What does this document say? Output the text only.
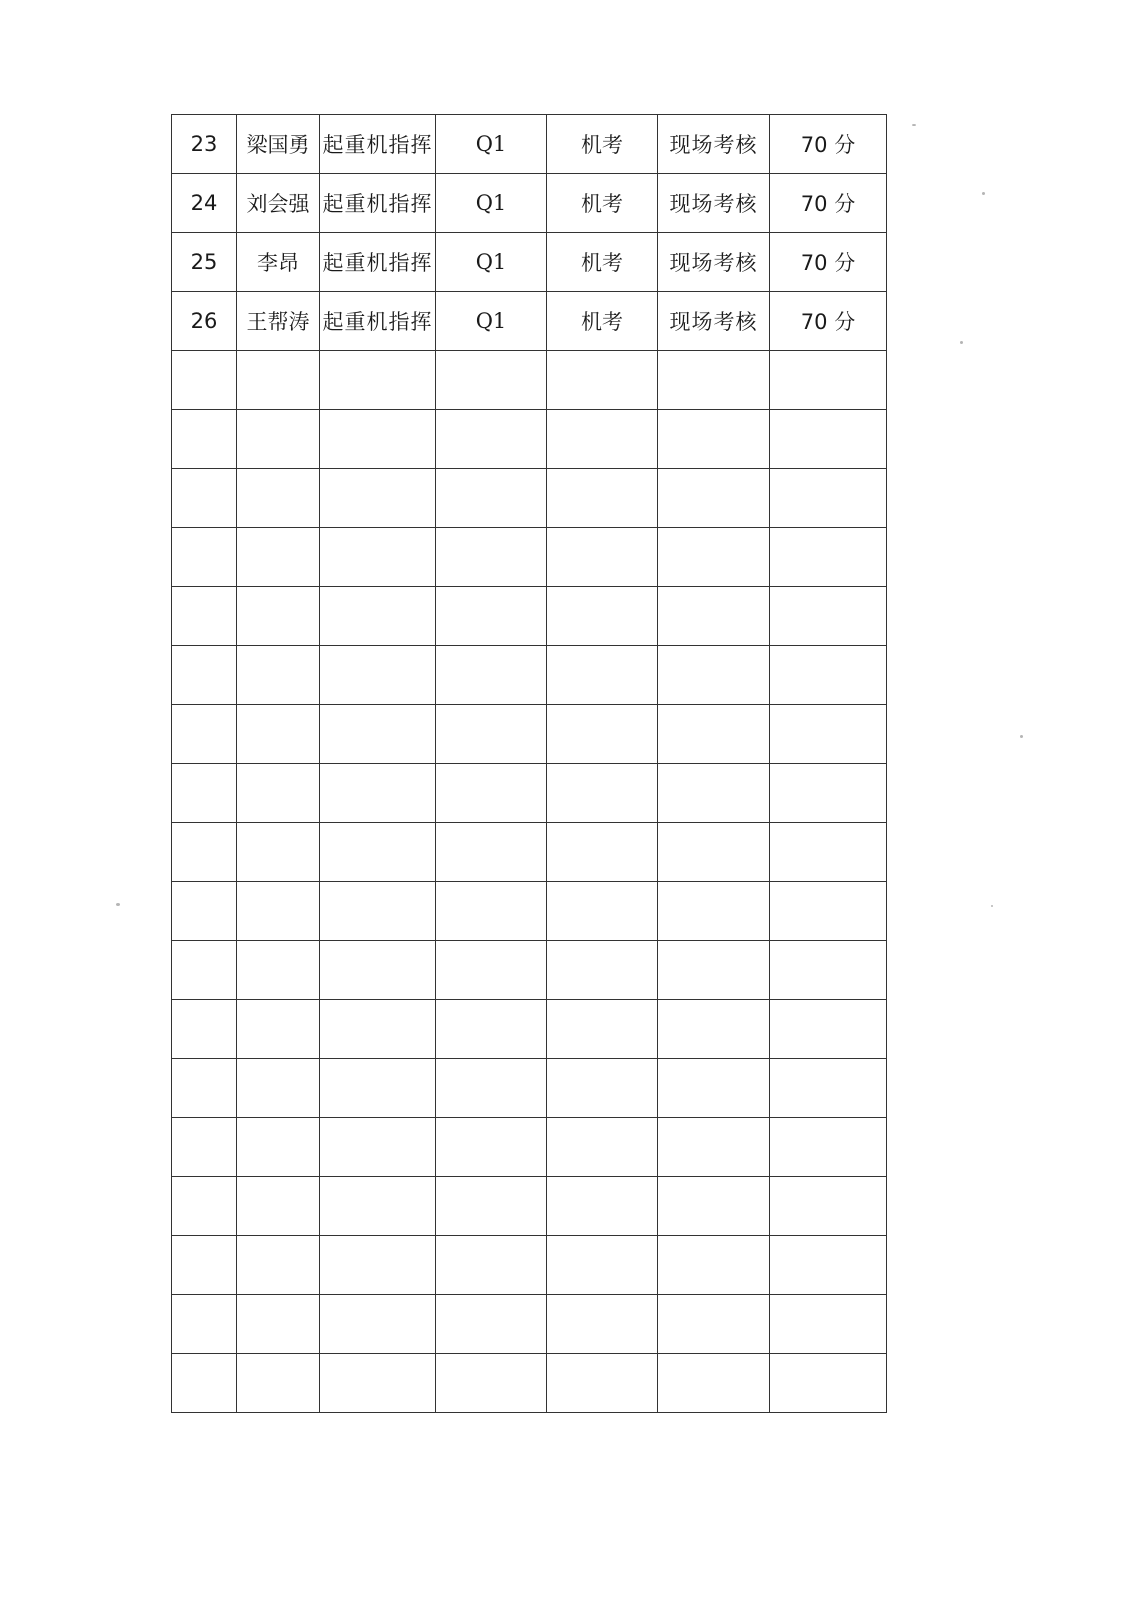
23	梁国勇	起重机指挥	Q1	机考	现场考核	70 分
24	刘会强	起重机指挥	Q1	机考	现场考核	70 分
25	李昂	起重机指挥	Q1	机考	现场考核	70 分
26	王帮涛	起重机指挥	Q1	机考	现场考核	70 分
